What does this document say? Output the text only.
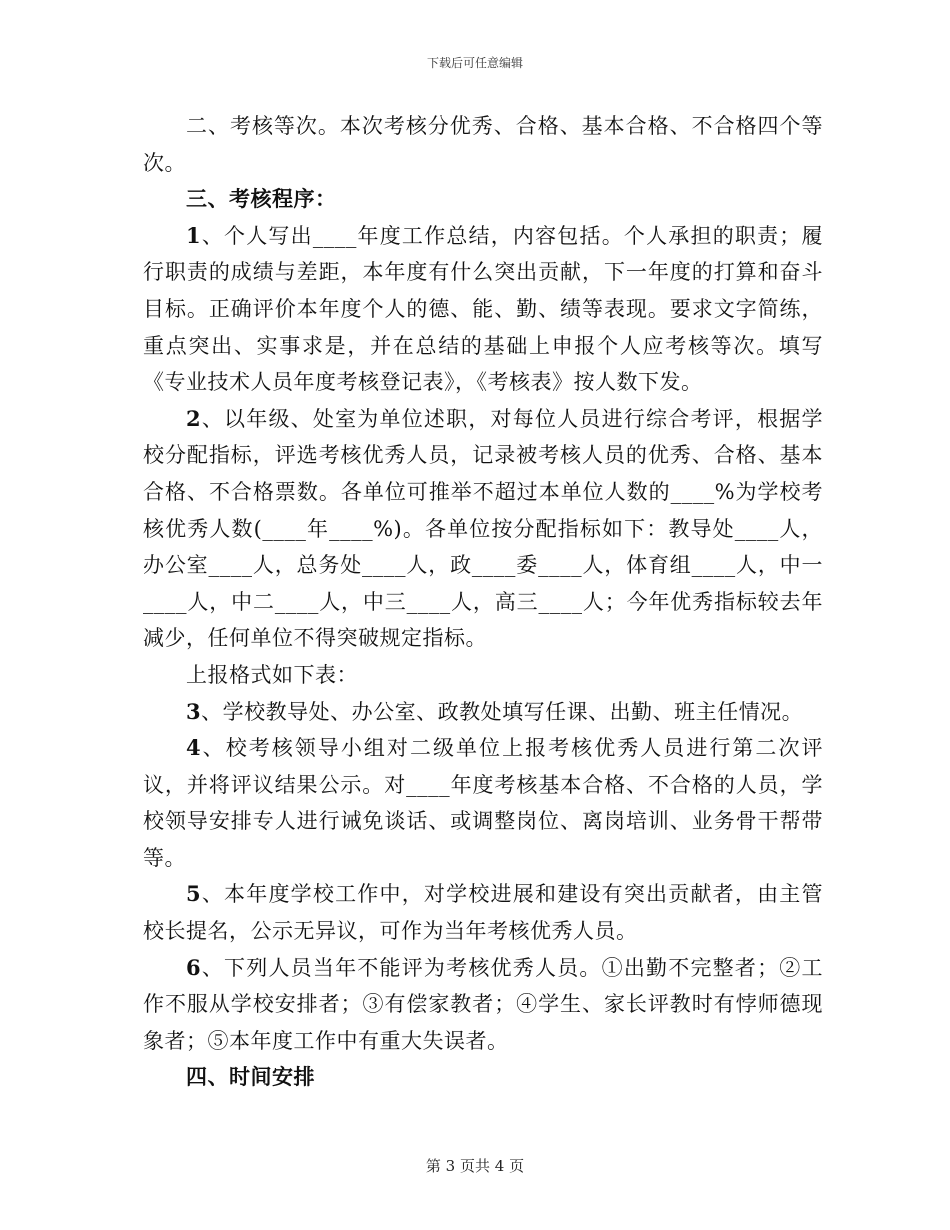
下载后可任意编辑

二、考核等次。本次考核分优秀、合格、基本合格、不合格四个等次。

三、考核程序：

1、个人写出____年度工作总结，内容包括。个人承担的职责；履行职责的成绩与差距，本年度有什么突出贡献，下一年度的打算和奋斗目标。正确评价本年度个人的德、能、勤、绩等表现。要求文字简练，重点突出、实事求是，并在总结的基础上申报个人应考核等次。填写《专业技术人员年度考核登记表》，《考核表》按人数下发。

2、以年级、处室为单位述职，对每位人员进行综合考评，根据学校分配指标，评选考核优秀人员，记录被考核人员的优秀、合格、基本合格、不合格票数。各单位可推举不超过本单位人数的____%为学校考核优秀人数(____年____%)。各单位按分配指标如下：教导处____人，办公室____人，总务处____人，政____委____人，体育组____人，中一____人，中二____人，中三____人，高三____人；今年优秀指标较去年减少，任何单位不得突破规定指标。

上报格式如下表：

3、学校教导处、办公室、政教处填写任课、出勤、班主任情况。

4、校考核领导小组对二级单位上报考核优秀人员进行第二次评议，并将评议结果公示。对____年度考核基本合格、不合格的人员，学校领导安排专人进行诫免谈话、或调整岗位、离岗培训、业务骨干帮带等。

5、本年度学校工作中，对学校进展和建设有突出贡献者，由主管校长提名，公示无异议，可作为当年考核优秀人员。

6、下列人员当年不能评为考核优秀人员。①出勤不完整者；②工作不服从学校安排者；③有偿家教者；④学生、家长评教时有悖师德现象者；⑤本年度工作中有重大失误者。

四、时间安排

第 3 页共 4 页
